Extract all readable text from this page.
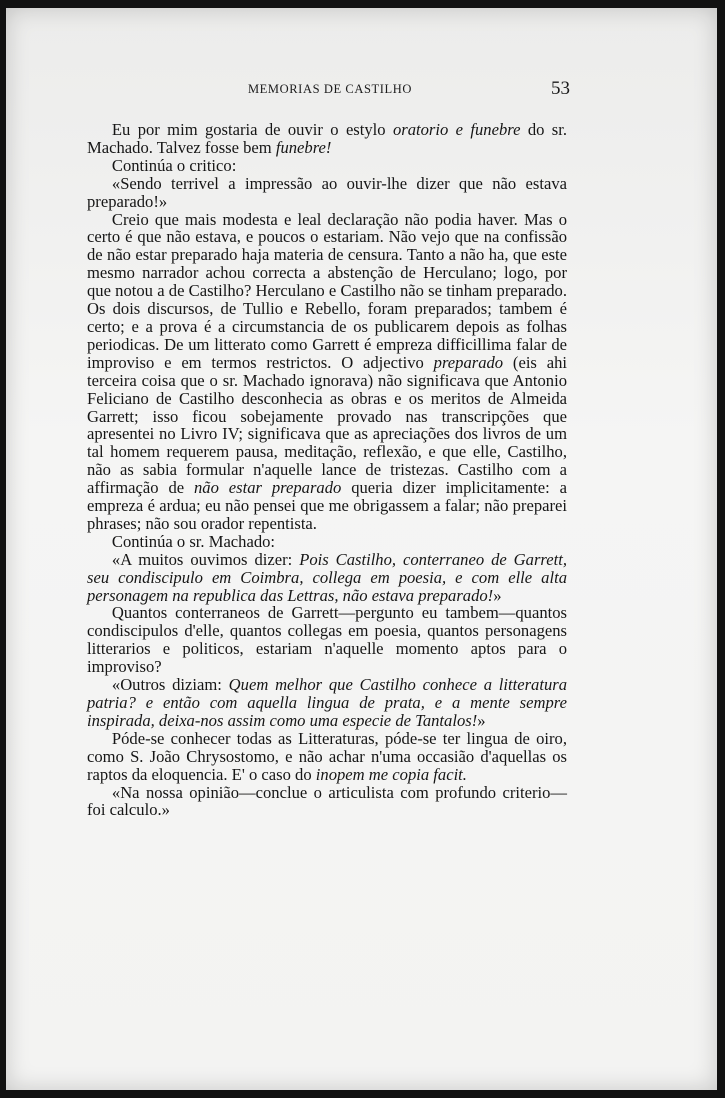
MEMORIAS DE CASTILHO	53

Eu por mim gostaria de ouvir o estylo oratorio e funebre do sr. Machado. Talvez fosse bem funebre!

Continúa o critico:

«Sendo terrivel a impressão ao ouvir-lhe dizer que não estava preparado!»

Creio que mais modesta e leal declaração não podia haver. Mas o certo é que não estava, e poucos o estariam. Não vejo que na confissão de não estar preparado haja materia de censura. Tanto a não ha, que este mesmo narrador achou correcta a abstenção de Herculano; logo, por que notou a de Castilho? Herculano e Castilho não se tinham preparado. Os dois discursos, de Tullio e Rebello, foram preparados; tambem é certo; e a prova é a circumstancia de os publicarem depois as folhas periodicas. De um litterato como Garrett é empreza difficillima falar de improviso e em termos restrictos. O adjectivo preparado (eis ahi terceira coisa que o sr. Machado ignorava) não significava que Antonio Feliciano de Castilho desconhecia as obras e os meritos de Almeida Garrett; isso ficou sobejamente provado nas transcripções que apresentei no Livro IV; significava que as apreciações dos livros de um tal homem requerem pausa, meditação, reflexão, e que elle, Castilho, não as sabia formular n'aquelle lance de tristezas. Castilho com a affirmação de não estar preparado queria dizer implicitamente: a empreza é ardua; eu não pensei que me obrigassem a falar; não preparei phrases; não sou orador repentista.

Continúa o sr. Machado:

«A muitos ouvimos dizer: Pois Castilho, conterraneo de Garrett, seu condiscipulo em Coimbra, collega em poesia, e com elle alta personagem na republica das Lettras, não estava preparado!»

Quantos conterraneos de Garrett—pergunto eu tambem—quantos condiscipulos d'elle, quantos collegas em poesia, quantos personagens litterarios e politicos, estariam n'aquelle momento aptos para o improviso?

«Outros diziam: Quem melhor que Castilho conhece a litteratura patria? e então com aquella lingua de prata, e a mente sempre inspirada, deixa-nos assim como uma especie de Tantalos!»

Póde-se conhecer todas as Litteraturas, póde-se ter lingua de oiro, como S. João Chrysostomo, e não achar n'uma occasião d'aquellas os raptos da eloquencia. E' o caso do inopem me copia facit.

«Na nossa opinião—conclue o articulista com profundo criterio—foi calculo.»
